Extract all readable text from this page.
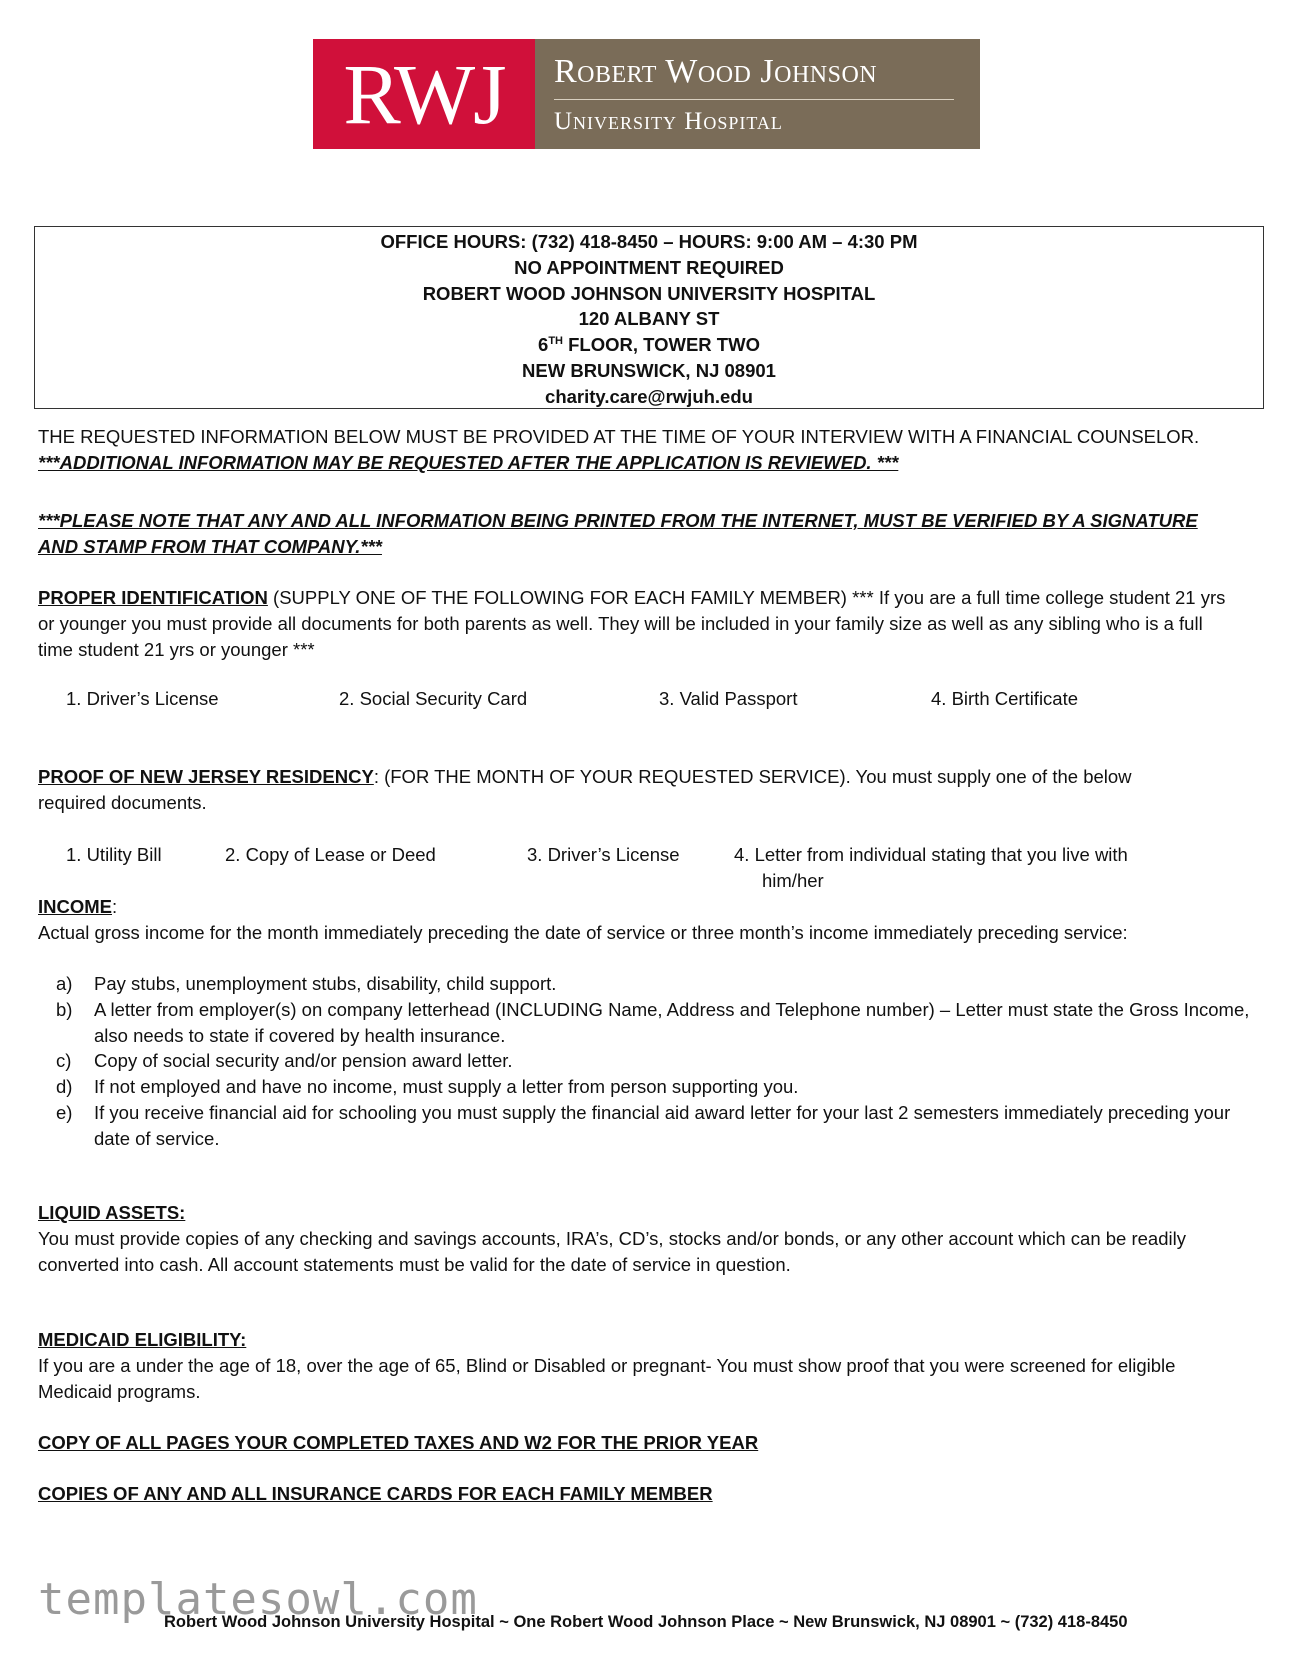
RWJ	Robert Wood Johnson
University Hospital
OFFICE HOURS: (732) 418-8450 – HOURS: 9:00 AM – 4:30 PM
NO APPOINTMENT REQUIRED
ROBERT WOOD JOHNSON UNIVERSITY HOSPITAL
120 ALBANY ST
6TH FLOOR, TOWER TWO
NEW BRUNSWICK, NJ 08901
charity.care@rwjuh.edu
THE REQUESTED INFORMATION BELOW MUST BE PROVIDED AT THE TIME OF YOUR INTERVIEW WITH A FINANCIAL COUNSELOR.
***ADDITIONAL INFORMATION MAY BE REQUESTED AFTER THE APPLICATION IS REVIEWED. ***
***PLEASE NOTE THAT ANY AND ALL INFORMATION BEING PRINTED FROM THE INTERNET, MUST BE VERIFIED BY A SIGNATURE AND STAMP FROM THAT COMPANY.***
PROPER IDENTIFICATION (SUPPLY ONE OF THE FOLLOWING FOR EACH FAMILY MEMBER) *** If you are a full time college student 21 yrs or younger you must provide all documents for both parents as well. They will be included in your family size as well as any sibling who is a full time student 21 yrs or younger ***
1. Driver’s License	2. Social Security Card	3. Valid Passport	4. Birth Certificate
PROOF OF NEW JERSEY RESIDENCY: (FOR THE MONTH OF YOUR REQUESTED SERVICE). You must supply one of the below required documents.
1. Utility Bill	2. Copy of Lease or Deed	3. Driver’s License	4. Letter from individual stating that you live with
him/her
INCOME:
Actual gross income for the month immediately preceding the date of service or three month’s income immediately preceding service:
a)	Pay stubs, unemployment stubs, disability, child support.
b)	A letter from employer(s) on company letterhead (INCLUDING Name, Address and Telephone number) – Letter must state the Gross Income, also needs to state if covered by health insurance.
c)	Copy of social security and/or pension award letter.
d)	If not employed and have no income, must supply a letter from person supporting you.
e)	If you receive financial aid for schooling you must supply the financial aid award letter for your last 2 semesters immediately preceding your date of service.
LIQUID ASSETS:
You must provide copies of any checking and savings accounts, IRA’s, CD’s, stocks and/or bonds, or any other account which can be readily converted into cash. All account statements must be valid for the date of service in question.
MEDICAID ELIGIBILITY:
If you are a under the age of 18, over the age of 65, Blind or Disabled or pregnant- You must show proof that you were screened for eligible Medicaid programs.
COPY OF ALL PAGES YOUR COMPLETED TAXES AND W2 FOR THE PRIOR YEAR
COPIES OF ANY AND ALL INSURANCE CARDS FOR EACH FAMILY MEMBER
templatesowl.com
Robert Wood Johnson University Hospital ~ One Robert Wood Johnson Place ~ New Brunswick, NJ 08901 ~ (732) 418-8450
